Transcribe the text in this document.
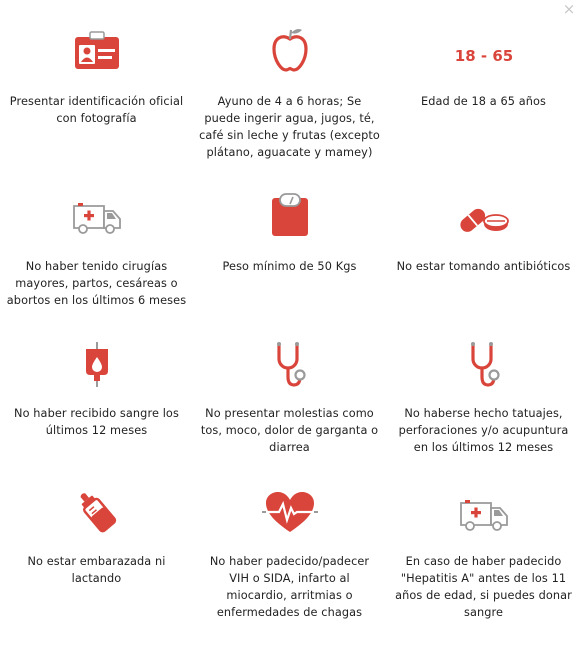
×
Presentar identificación oficial con fotografía
Ayuno de 4 a 6 horas; Se puede ingerir agua, jugos, té, café sin leche y frutas (excepto plátano, aguacate y mamey)
18 - 65
Edad de 18 a 65 años
No haber tenido cirugías mayores, partos, cesáreas o abortos en los últimos 6 meses
Peso mínimo de 50 Kgs	No estar tomando antibióticos
No haber recibido sangre los últimos 12 meses
No presentar molestias como tos, moco, dolor de garganta o diarrea
No haberse hecho tatuajes, perforaciones y/o acupuntura en los últimos 12 meses
No estar embarazada ni lactando
No haber padecido/padecer VIH o SIDA, infarto al miocardio, arritmias o enfermedades de chagas
En caso de haber padecido "Hepatitis A" antes de los 11 años de edad, si puedes donar sangre
